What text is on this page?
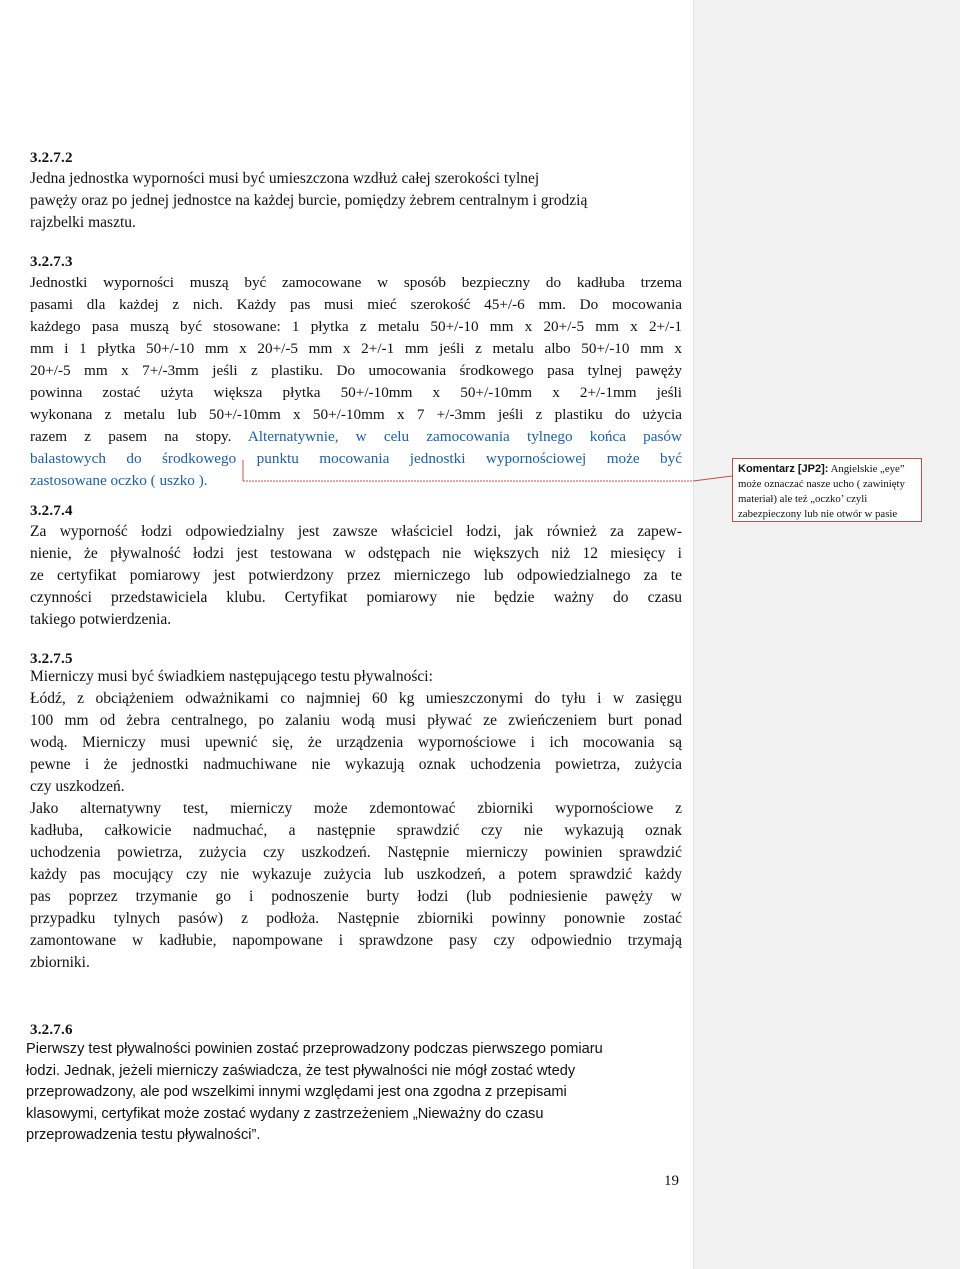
3.2.7.2
Jedna jednostka wyporności musi być umieszczona wzdłuż całej szerokości tylnej
pawęży oraz po jednej jednostce na każdej burcie, pomiędzy żebrem centralnym i grodzią
rajzbelki masztu.
3.2.7.3
Jednostki wyporności muszą być zamocowane w sposób bezpieczny do kadłuba trzema
pasami dla każdej z nich. Każdy pas musi mieć szerokość 45+/-6 mm. Do mocowania
każdego pasa muszą być stosowane: 1 płytka z metalu 50+/-10 mm x 20+/-5 mm x 2+/-1
mm i 1 płytka 50+/-10 mm x 20+/-5 mm x 2+/-1 mm jeśli z metalu albo 50+/-10 mm x
20+/-5 mm x 7+/-3mm jeśli z plastiku. Do umocowania środkowego pasa tylnej pawęży
powinna zostać użyta większa płytka 50+/-10mm x 50+/-10mm x 2+/-1mm jeśli
wykonana z metalu lub 50+/-10mm x 50+/-10mm x 7 +/-3mm jeśli z plastiku do użycia
razem z pasem na stopy. Alternatywnie, w celu zamocowania tylnego końca pasów
balastowych do środkowego punktu mocowania jednostki wypornościowej może być
zastosowane oczko ( uszko ).
Komentarz [JP2]: Angielskie „eye” może oznaczać nasze ucho ( zawinięty materiał) ale też „oczko’ czyli zabezpieczony lub nie otwór w pasie
3.2.7.4
Za wyporność łodzi odpowiedzialny jest zawsze właściciel łodzi, jak również za zapew-
nienie, że pływalność łodzi jest testowana w odstępach nie większych niż 12 miesięcy i
ze certyfikat pomiarowy jest potwierdzony przez mierniczego lub odpowiedzialnego za te
czynności przedstawiciela klubu. Certyfikat pomiarowy nie będzie ważny do czasu
takiego potwierdzenia.
3.2.7.5
Mierniczy musi być świadkiem następującego testu pływalności:
Łódź, z obciążeniem odważnikami co najmniej 60 kg umieszczonymi do tyłu i w zasięgu
100 mm od żebra centralnego, po zalaniu wodą musi pływać ze zwieńczeniem burt ponad
wodą. Mierniczy musi upewnić się, że urządzenia wypornościowe i ich mocowania są
pewne i że jednostki nadmuchiwane nie wykazują oznak uchodzenia powietrza, zużycia
czy uszkodzeń.
Jako alternatywny test, mierniczy może zdemontować zbiorniki wypornościowe z
kadłuba, całkowicie nadmuchać, a następnie sprawdzić czy nie wykazują oznak
uchodzenia powietrza, zużycia czy uszkodzeń. Następnie mierniczy powinien sprawdzić
każdy pas mocujący czy nie wykazuje zużycia lub uszkodzeń, a potem sprawdzić każdy
pas poprzez trzymanie go i podnoszenie burty łodzi (lub podniesienie pawęży w
przypadku tylnych pasów) z podłoża. Następnie zbiorniki powinny ponownie zostać
zamontowane w kadłubie, napompowane i sprawdzone pasy czy odpowiednio trzymają
zbiorniki.
3.2.7.6
Pierwszy test pływalności powinien zostać przeprowadzony podczas pierwszego pomiaru
łodzi. Jednak, jeżeli mierniczy zaświadcza, że test pływalności nie mógł zostać wtedy
przeprowadzony, ale pod wszelkimi innymi względami jest ona zgodna z przepisami
klasowymi, certyfikat może zostać wydany z zastrzeżeniem „Nieważny do czasu
przeprowadzenia testu pływalności”.
19
